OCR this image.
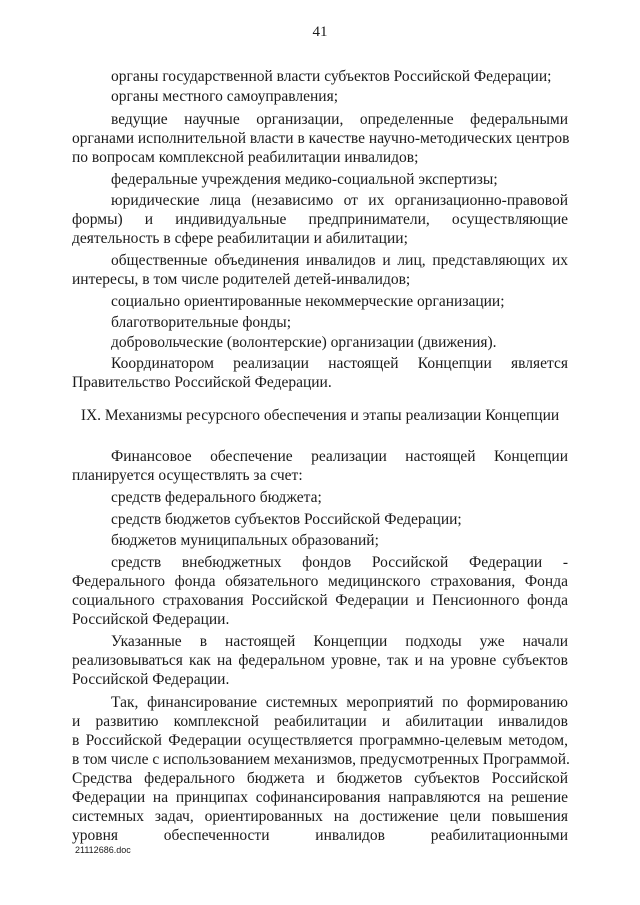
41
органы государственной власти субъектов Российской Федерации;
органы местного самоуправления;
ведущие научные организации, определенные федеральными
органами исполнительной власти в качестве научно-методических центров
по вопросам комплексной реабилитации инвалидов;
федеральные учреждения медико-социальной экспертизы;
юридические лица (независимо от их организационно-правовой
формы) и индивидуальные предприниматели, осуществляющие
деятельность в сфере реабилитации и абилитации;
общественные объединения инвалидов и лиц, представляющих их
интересы, в том числе родителей детей-инвалидов;
социально ориентированные некоммерческие организации;
благотворительные фонды;
добровольческие (волонтерские) организации (движения).
Координатором реализации настоящей Концепции является
Правительство Российской Федерации.
IX. Механизмы ресурсного обеспечения и этапы реализации Концепции
Финансовое обеспечение реализации настоящей Концепции
планируется осуществлять за счет:
средств федерального бюджета;
средств бюджетов субъектов Российской Федерации;
бюджетов муниципальных образований;
средств внебюджетных фондов Российской Федерации -
Федерального фонда обязательного медицинского страхования, Фонда
социального страхования Российской Федерации и Пенсионного фонда
Российской Федерации.
Указанные в настоящей Концепции подходы уже начали
реализовываться как на федеральном уровне, так и на уровне субъектов
Российской Федерации.
Так, финансирование системных мероприятий по формированию
и развитию комплексной реабилитации и абилитации инвалидов
в Российской Федерации осуществляется программно-целевым методом,
в том числе с использованием механизмов, предусмотренных Программой.
Средства федерального бюджета и бюджетов субъектов Российской
Федерации на принципах софинансирования направляются на решение
системных задач, ориентированных на достижение цели повышения
уровня обеспеченности инвалидов реабилитационными
21112686.doc
